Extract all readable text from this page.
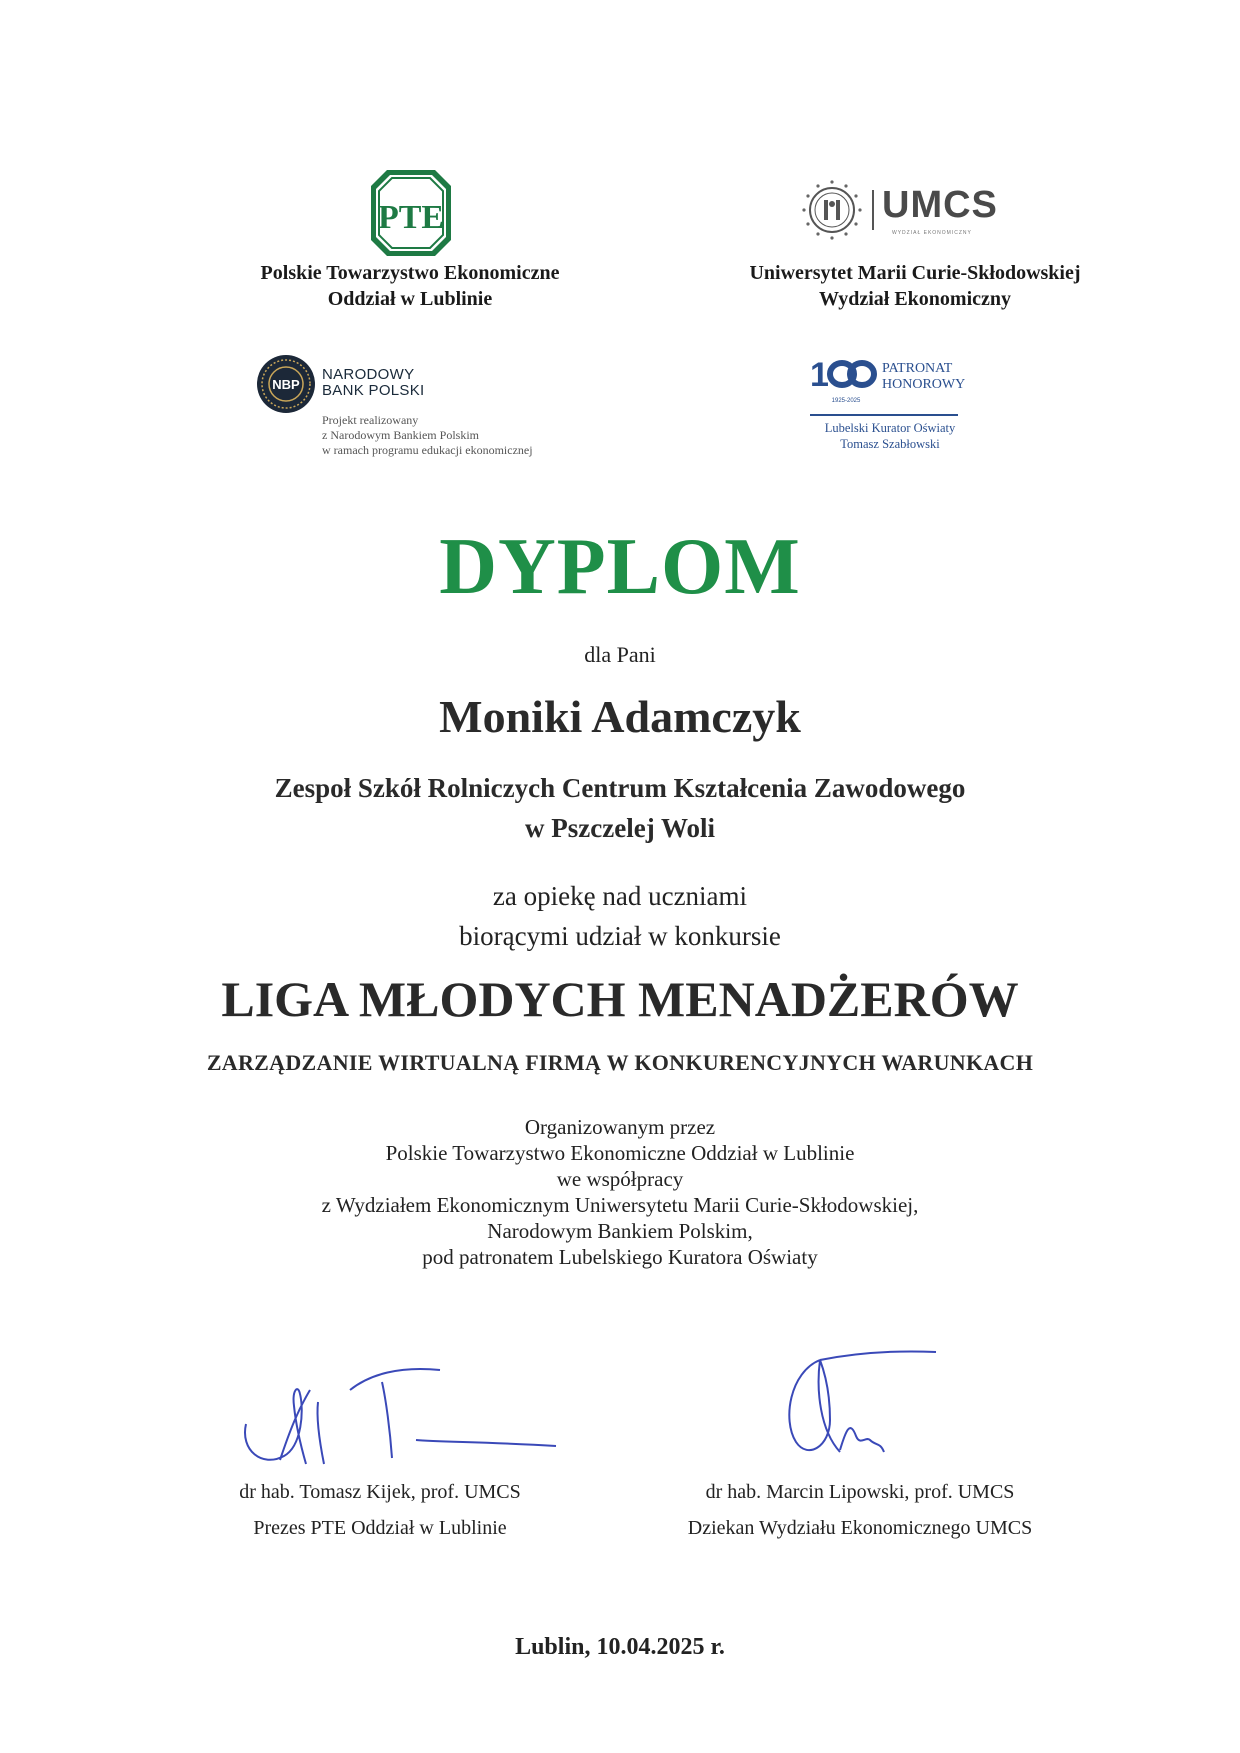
PTE
Polskie Towarzystwo Ekonomiczne
Oddział w Lublinie
UMCS
WYDZIAŁ EKONOMICZNY
Uniwersytet Marii Curie-Skłodowskiej
Wydział Ekonomiczny
NBP
NARODOWY
BANK POLSKI
Projekt realizowany
z Narodowym Bankiem Polskim
w ramach programu edukacji ekonomicznej
1
1925-2025
PATRONAT
HONOROWY
Lubelski Kurator Oświaty
Tomasz Szabłowski
DYPLOM
dla Pani
Moniki Adamczyk
Zespoł Szkół Rolniczych Centrum Kształcenia Zawodowego
w Pszczelej Woli
za opiekę nad uczniami
biorącymi udział w konkursie
LIGA MŁODYCH MENADŻERÓW
ZARZĄDZANIE WIRTUALNĄ FIRMĄ W KONKURENCYJNYCH WARUNKACH
Organizowanym przez
Polskie Towarzystwo Ekonomiczne Oddział w Lublinie
we współpracy
z Wydziałem Ekonomicznym Uniwersytetu Marii Curie-Skłodowskiej,
Narodowym Bankiem Polskim,
pod patronatem Lubelskiego Kuratora Oświaty
dr hab. Tomasz Kijek, prof. UMCS
Prezes PTE Oddział w Lublinie
dr hab. Marcin Lipowski, prof. UMCS
Dziekan Wydziału Ekonomicznego UMCS
Lublin, 10.04.2025 r.
